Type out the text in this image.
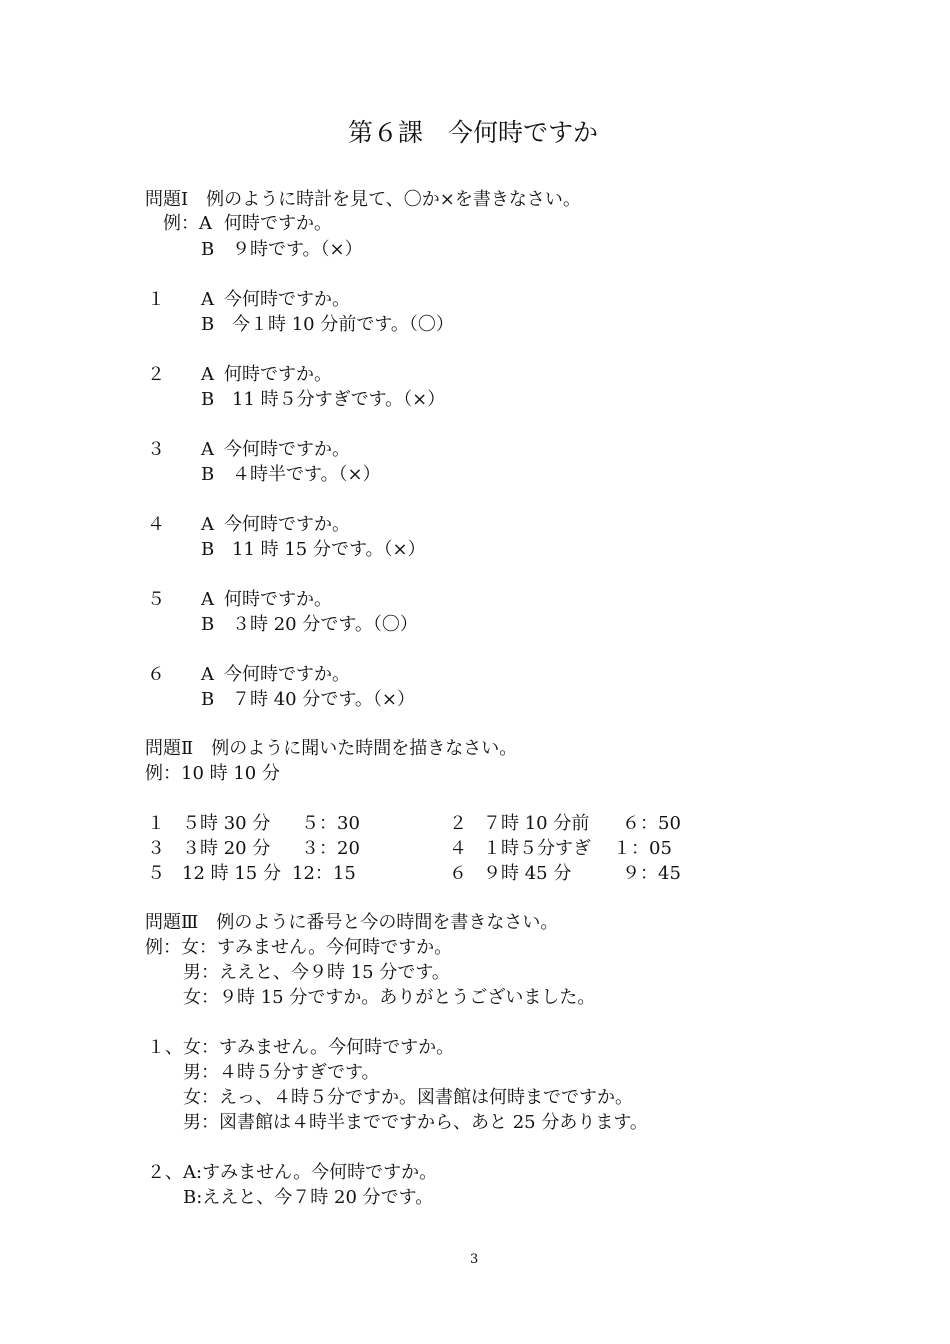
第６課　今何時ですか
問題Ⅰ　例のように時計を見て、〇か×を書きなさい。
例：A 何時ですか。
B ９時です。（×）
１ A 今何時ですか。
B 今１時 10 分前です。（〇）
２ A 何時ですか。
B 11 時５分すぎです。（×）
３ A 今何時ですか。
B ４時半です。（×）
４ A 今何時ですか。
B 11 時 15 分です。（×）
５ A 何時ですか。
B ３時 20 分です。（〇）
６ A 今何時ですか。
B ７時 40 分です。（×）
問題Ⅱ　例のように聞いた時間を描きなさい。
例：10 時 10 分
１ ５時 30 分 ５：30	２ ７時 10 分前 ６：50
３ ３時 20 分 ３：20	４ １時５分すぎ １：05
５ 12 時 15 分 12：15	６ ９時 45 分	９：45
問題Ⅲ　例のように番号と今の時間を書きなさい。
例：女：すみません。今何時ですか。
男：ええと、今９時 15 分です。
女：９時 15 分ですか。ありがとうございました。
１、女：すみません。今何時ですか。
男：４時５分すぎです。
女：えっ、４時５分ですか。図書館は何時までですか。
男：図書館は４時半までですから、あと 25 分あります。
２、A:すみません。今何時ですか。
B:ええと、今７時 20 分です。
3
